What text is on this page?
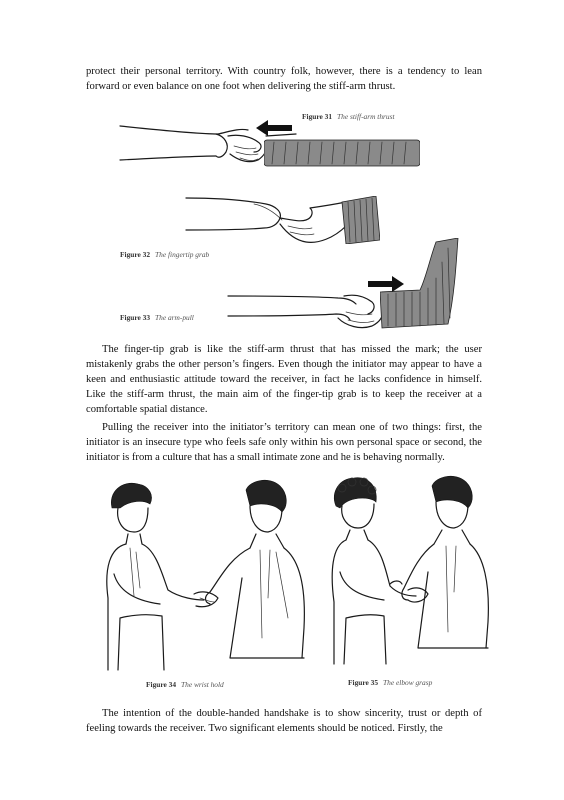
protect their personal territory. With country folk, however, there is a tendency to lean forward or even balance on one foot when delivering the stiff-arm thrust.

Figure 31 The stiff-arm thrust
Figure 32 The fingertip grab
Figure 33 The arm-pull

The finger-tip grab is like the stiff-arm thrust that has missed the mark; the user mistakenly grabs the other person’s fingers. Even though the initiator may appear to have a keen and enthusiastic attitude toward the receiver, in fact he lacks confidence in himself. Like the stiff-arm thrust, the main aim of the finger-tip grab is to keep the receiver at a comfortable spatial distance.

Pulling the receiver into the initiator’s territory can mean one of two things: first, the initiator is an insecure type who feels safe only within his own personal space or second, the initiator is from a culture that has a small intimate zone and he is behaving normally.

Figure 34 The wrist hold	Figure 35 The elbow grasp

The intention of the double-handed handshake is to show sincerity, trust or depth of feeling towards the receiver. Two significant elements should be noticed. Firstly, the
